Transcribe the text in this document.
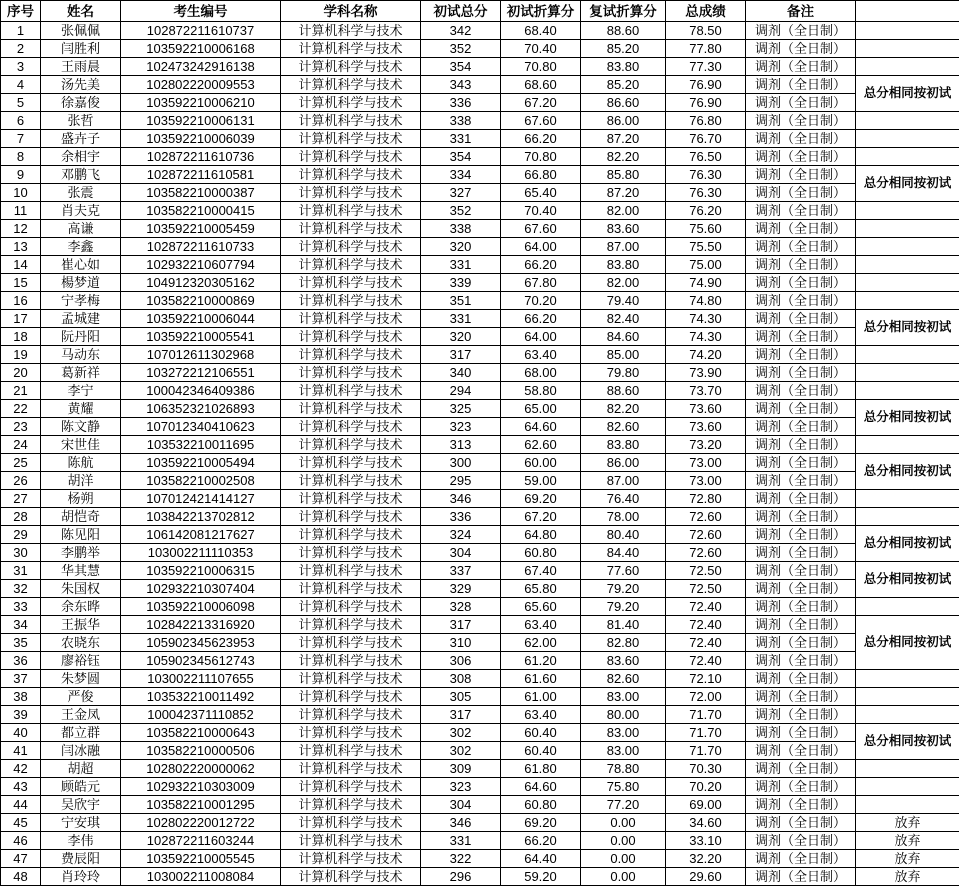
序号	姓名	考生编号	学科名称	初试总分	初试折算分	复试折算分	总成绩	备注	
1	张佩佩	102872211610737	计算机科学与技术	342	68.40	88.60	78.50	调剂（全日制）	
2	闫胜利	103592210006168	计算机科学与技术	352	70.40	85.20	77.80	调剂（全日制）	
3	王雨晨	102473242916138	计算机科学与技术	354	70.80	83.80	77.30	调剂（全日制）	
4	汤先美	102802220009553	计算机科学与技术	343	68.60	85.20	76.90	调剂（全日制）	总分相同按初试
5	徐嘉俊	103592210006210	计算机科学与技术	336	67.20	86.60	76.90	调剂（全日制）	
6	张哲	103592210006131	计算机科学与技术	338	67.60	86.00	76.80	调剂（全日制）	
7	盛卉子	103592210006039	计算机科学与技术	331	66.20	87.20	76.70	调剂（全日制）	
8	余相宇	102872211610736	计算机科学与技术	354	70.80	82.20	76.50	调剂（全日制）	
9	邓鹏飞	102872211610581	计算机科学与技术	334	66.80	85.80	76.30	调剂（全日制）	总分相同按初试
10	张震	103582210000387	计算机科学与技术	327	65.40	87.20	76.30	调剂（全日制）	
11	肖夫克	103582210000415	计算机科学与技术	352	70.40	82.00	76.20	调剂（全日制）	
12	高谦	103592210005459	计算机科学与技术	338	67.60	83.60	75.60	调剂（全日制）	
13	李鑫	102872211610733	计算机科学与技术	320	64.00	87.00	75.50	调剂（全日制）	
14	崔心如	102932210607794	计算机科学与技术	331	66.20	83.80	75.00	调剂（全日制）	
15	楊梦道	104912320305162	计算机科学与技术	339	67.80	82.00	74.90	调剂（全日制）	
16	宁孝梅	103582210000869	计算机科学与技术	351	70.20	79.40	74.80	调剂（全日制）	
17	孟城建	103592210006044	计算机科学与技术	331	66.20	82.40	74.30	调剂（全日制）	总分相同按初试
18	阮丹阳	103592210005541	计算机科学与技术	320	64.00	84.60	74.30	调剂（全日制）	
19	马动东	107012611302968	计算机科学与技术	317	63.40	85.00	74.20	调剂（全日制）	
20	葛新祥	103272212106551	计算机科学与技术	340	68.00	79.80	73.90	调剂（全日制）	
21	李宁	100042346409386	计算机科学与技术	294	58.80	88.60	73.70	调剂（全日制）	
22	黄耀	106352321026893	计算机科学与技术	325	65.00	82.20	73.60	调剂（全日制）	总分相同按初试
23	陈文静	107012340410623	计算机科学与技术	323	64.60	82.60	73.60	调剂（全日制）	
24	宋世佳	103532210011695	计算机科学与技术	313	62.60	83.80	73.20	调剂（全日制）	
25	陈航	103592210005494	计算机科学与技术	300	60.00	86.00	73.00	调剂（全日制）	总分相同按初试
26	胡洋	103582210002508	计算机科学与技术	295	59.00	87.00	73.00	调剂（全日制）	
27	杨朔	107012421414127	计算机科学与技术	346	69.20	76.40	72.80	调剂（全日制）	
28	胡恺奇	103842213702812	计算机科学与技术	336	67.20	78.00	72.60	调剂（全日制）	
29	陈见阳	106142081217627	计算机科学与技术	324	64.80	80.40	72.60	调剂（全日制）	总分相同按初试
30	李鹏举	103002211110353	计算机科学与技术	304	60.80	84.40	72.60	调剂（全日制）	
31	华其慧	103592210006315	计算机科学与技术	337	67.40	77.60	72.50	调剂（全日制）	总分相同按初试
32	朱国权	102932210307404	计算机科学与技术	329	65.80	79.20	72.50	调剂（全日制）	
33	余东晔	103592210006098	计算机科学与技术	328	65.60	79.20	72.40	调剂（全日制）	
34	王振华	102842213316920	计算机科学与技术	317	63.40	81.40	72.40	调剂（全日制）	总分相同按初试
35	农晓东	105902345623953	计算机科学与技术	310	62.00	82.80	72.40	调剂（全日制）	
36	廖裕钰	105902345612743	计算机科学与技术	306	61.20	83.60	72.40	调剂（全日制）	
37	朱梦圆	103002211107655	计算机科学与技术	308	61.60	82.60	72.10	调剂（全日制）	
38	严俊	103532210011492	计算机科学与技术	305	61.00	83.00	72.00	调剂（全日制）	
39	王金凤	100042371110852	计算机科学与技术	317	63.40	80.00	71.70	调剂（全日制）	
40	都立群	103582210000643	计算机科学与技术	302	60.40	83.00	71.70	调剂（全日制）	总分相同按初试
41	闫冰融	103582210000506	计算机科学与技术	302	60.40	83.00	71.70	调剂（全日制）	
42	胡超	102802220000062	计算机科学与技术	309	61.80	78.80	70.30	调剂（全日制）	
43	顾皓元	102932210303009	计算机科学与技术	323	64.60	75.80	70.20	调剂（全日制）	
44	吴欣宇	103582210001295	计算机科学与技术	304	60.80	77.20	69.00	调剂（全日制）	
45	宁安琪	102802220012722	计算机科学与技术	346	69.20	0.00	34.60	调剂（全日制）	放弃
46	李伟	102872211603244	计算机科学与技术	331	66.20	0.00	33.10	调剂（全日制）	放弃
47	费辰阳	103592210005545	计算机科学与技术	322	64.40	0.00	32.20	调剂（全日制）	放弃
48	肖玲玲	103002211008084	计算机科学与技术	296	59.20	0.00	29.60	调剂（全日制）	放弃
